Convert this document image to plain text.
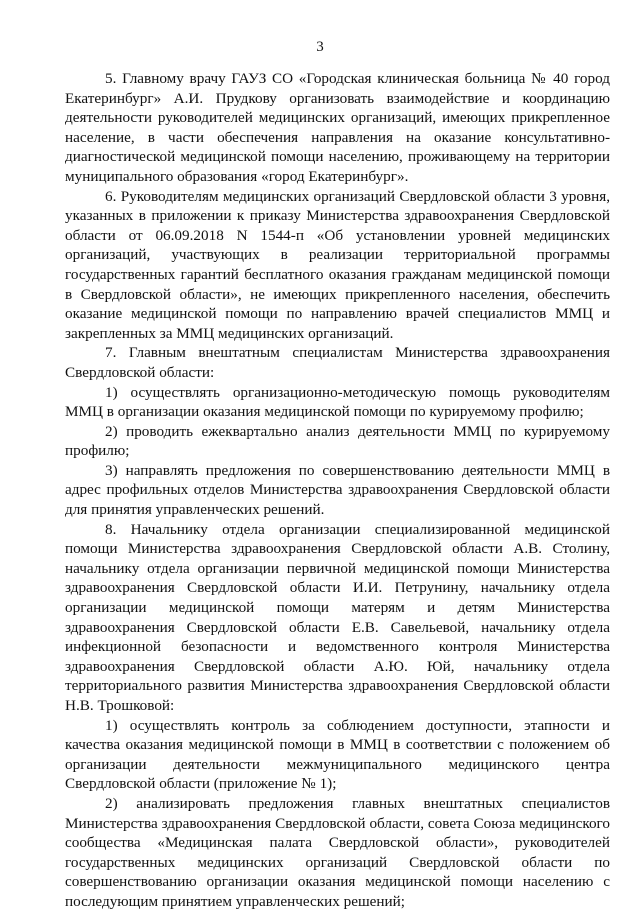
3

5. Главному врачу ГАУЗ СО «Городская клиническая больница № 40 город Екатеринбург» А.И. Прудкову организовать взаимодействие и координацию деятельности руководителей медицинских организаций, имеющих прикрепленное население, в части обеспечения направления на оказание консультативно-диагностической медицинской помощи населению, проживающему на территории муниципального образования «город Екатеринбург».

6. Руководителям медицинских организаций Свердловской области 3 уровня, указанных в приложении к приказу Министерства здравоохранения Свердловской области от 06.09.2018 N 1544-п «Об установлении уровней медицинских организаций, участвующих в реализации территориальной программы государственных гарантий бесплатного оказания гражданам медицинской помощи в Свердловской области», не имеющих прикрепленного населения, обеспечить оказание медицинской помощи по направлению врачей специалистов ММЦ и закрепленных за ММЦ медицинских организаций.

7. Главным внештатным специалистам Министерства здравоохранения Свердловской области:

1) осуществлять организационно-методическую помощь руководителям ММЦ в организации оказания медицинской помощи по курируемому профилю;

2) проводить ежеквартально анализ деятельности ММЦ по курируемому профилю;

3) направлять предложения по совершенствованию деятельности ММЦ в адрес профильных отделов Министерства здравоохранения Свердловской области для принятия управленческих решений.

8. Начальнику отдела организации специализированной медицинской помощи Министерства здравоохранения Свердловской области А.В. Столину, начальнику отдела организации первичной медицинской помощи Министерства здравоохранения Свердловской области И.И. Петрунину, начальнику отдела организации медицинской помощи матерям и детям Министерства здравоохранения Свердловской области Е.В. Савельевой, начальнику отдела инфекционной безопасности и ведомственного контроля Министерства здравоохранения Свердловской области А.Ю. Юй, начальнику отдела территориального развития Министерства здравоохранения Свердловской области Н.В. Трошковой:

1) осуществлять контроль за соблюдением доступности, этапности и качества оказания медицинской помощи в ММЦ в соответствии с положением об организации деятельности межмуниципального медицинского центра Свердловской области (приложение № 1);

2) анализировать предложения главных внештатных специалистов Министерства здравоохранения Свердловской области, совета Союза медицинского сообщества «Медицинская палата Свердловской области», руководителей государственных медицинских организаций Свердловской области по совершенствованию организации оказания медицинской помощи населению с последующим принятием управленческих решений;
